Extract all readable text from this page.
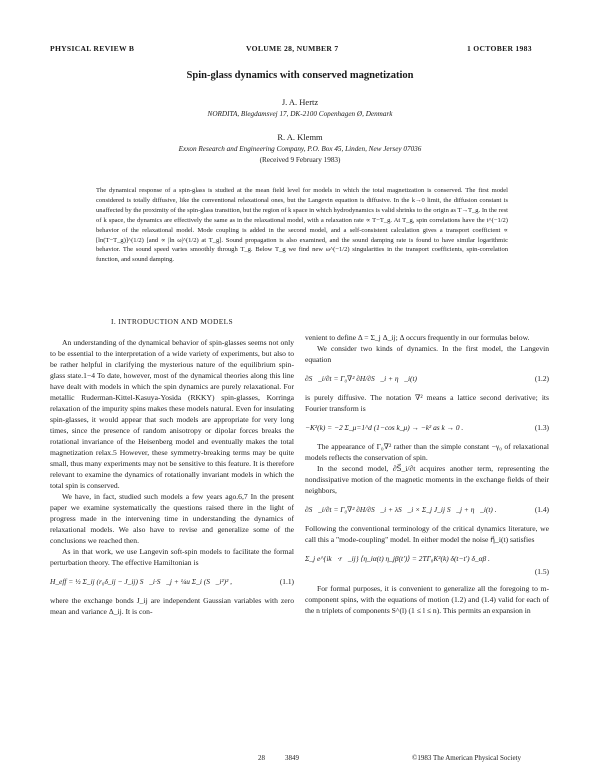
PHYSICAL REVIEW B	VOLUME 28, NUMBER 7	1 OCTOBER 1983
Spin-glass dynamics with conserved magnetization
J. A. Hertz
NORDITA, Blegdamsvej 17, DK-2100 Copenhagen Ø, Denmark
R. A. Klemm
Exxon Research and Engineering Company, P.O. Box 45, Linden, New Jersey 07036
(Received 9 February 1983)

The dynamical response of a spin-glass is studied at the mean field level for models in which the total magnetization is conserved. The first model considered is totally diffusive, like the conventional relaxational ones, but the Langevin equation is diffusive. In the k→0 limit, the diffusion constant is unaffected by the proximity of the spin-glass transition, but the region of k space in which hydrodynamics is valid shrinks to the origin as T→T_g. In the rest of k space, the dynamics are effectively the same as in the relaxational model, with a relaxation rate ∝ T−T_g. At T_g, spin correlations have the t^(−1/2) behavior of the relaxational model. Mode coupling is added in the second model, and a self-consistent calculation gives a transport coefficient ∝ [ln(T−T_g)]^(1/2) [and ∝ |ln ω|^(1/2) at T_g]. Sound propagation is also examined, and the sound damping rate is found to have similar logarithmic behavior. The sound speed varies smoothly through T_g. Below T_g we find new ω^(−1/2) singularities in the transport coefficients, spin-correlation function, and sound damping.

I. INTRODUCTION AND MODELS

An understanding of the dynamical behavior of spin-glasses seems not only to be essential to the interpretation of a wide variety of experiments, but also to be rather helpful in clarifying the mysterious nature of the equilibrium spin-glass state.1−4 To date, however, most of the dynamical theories along this line have dealt with models in which the spin dynamics are purely relaxational. For metallic Ruderman-Kittel-Kasuya-Yosida (RKKY) spin-glasses, Korringa relaxation of the impurity spins makes these models natural. Even for insulating spin-glasses, it would appear that such models are appropriate for very long times, since the presence of random anisotropy or dipolar forces breaks the rotational invariance of the Heisenberg model and eventually makes the total magnetization relax.5 However, these symmetry-breaking terms may be quite small, thus many experiments may not be sensitive to this feature. It is therefore relevant to examine the dynamics of rotationally invariant models in which the total spin is conserved.

We have, in fact, studied such models a few years ago.6,7 In the present paper we examine systematically the questions raised there in the light of progress made in the intervening time in understanding the dynamics of relaxational models. We also have to revise and generalize some of the conclusions we reached then.

As in that work, we use Langevin soft-spin models to facilitate the formal perturbation theory. The effective Hamiltonian is

H_eff = ½ Σ_ij (r₀δ_ij − J_ij) S⃗_i·S⃗_j + ¼u Σ_i (S⃗_i²)² ,	(1.1)

where the exchange bonds J_ij are independent Gaussian variables with zero mean and variance Δ_ij. It is con-

venient to define Δ = Σ_j Δ_ij; Δ occurs frequently in our formulas below.

We consider two kinds of dynamics. In the first model, the Langevin equation

∂S⃗_i/∂t = Γ₀∇² ∂H/∂S⃗_i + η⃗_i(t)	(1.2)

is purely diffusive. The notation ∇² means a lattice second derivative; its Fourier transform is

−K²(k) = −2 Σ_μ=1^d (1−cos k_μ) → −k² as k → 0 .	(1.3)

The appearance of Γ₀∇² rather than the simple constant −γ₀ of relaxational models reflects the conservation of spin.

In the second model, ∂S⃗_i/∂t acquires another term, representing the nondissipative motion of the magnetic moments in the exchange fields of their neighbors,

∂S⃗_i/∂t = Γ₀∇² ∂H/∂S⃗_i + λS⃗_i × Σ_j J_ij S⃗_j + η⃗_i(t) .	(1.4)

Following the conventional terminology of the critical dynamics literature, we call this a "mode-coupling" model. In either model the noise η⃗_i(t) satisfies

Σ_j e^{ik⃗·r⃗_ij} ⟨η_iα(t) η_jβ(t′)⟩ = 2TΓ₀K²(k) δ(t−t′) δ_αβ .
(1.5)

For formal purposes, it is convenient to generalize all the foregoing to m-component spins, with the equations of motion (1.2) and (1.4) valid for each of the n triplets of components S^(l) (1 ≤ l ≤ n). This permits an expansion in

28	3849	©1983 The American Physical Society
